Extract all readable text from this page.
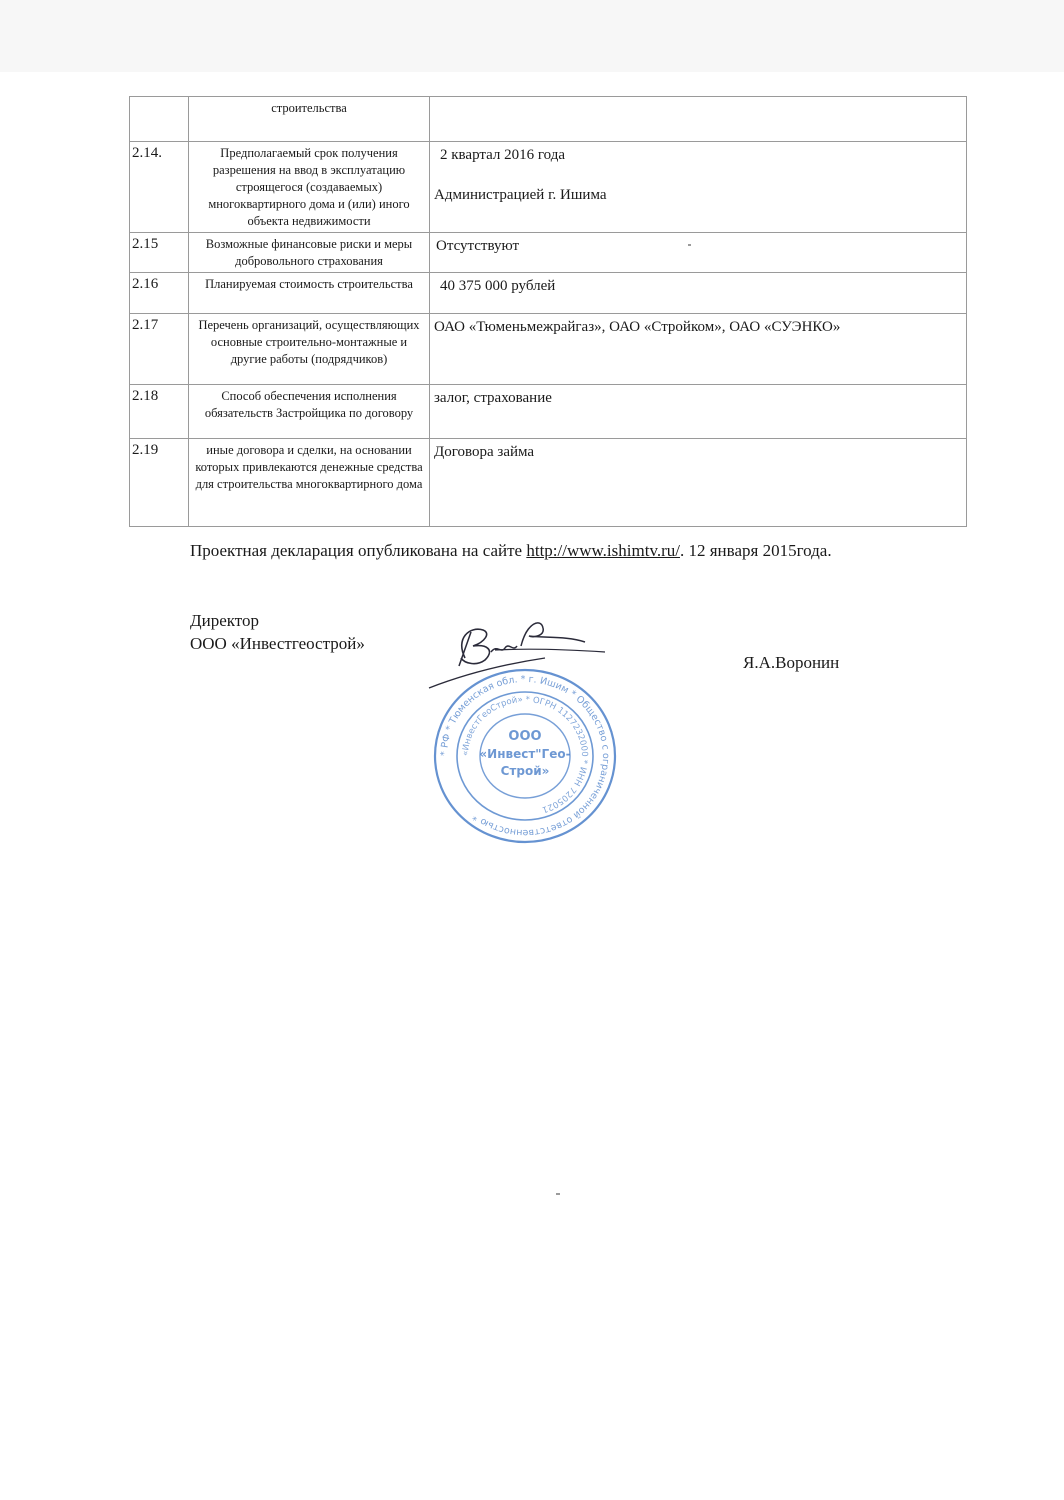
	строительства	
2.14.	Предполагаемый срок получения разрешения на ввод в эксплуатацию строящегося (создаваемых) многоквартирного дома и (или) иного объекта недвижимости	2 квартал 2016 года
Администрацией г. Ишима

2.15	Возможные финансовые риски и меры добровольного страхования	Отсутствуют

2.16	Планируемая стоимость строительства	40 375 000 рублей

2.17	Перечень организаций, осуществляющих основные строительно-монтажные и другие работы (подрядчиков)	ОАО «Тюменьмежрайгаз», ОАО «Стройком», ОАО «СУЭНКО»

2.18	Способ обеспечения исполнения обязательств Застройщика по договору	залог, страхование

2.19	иные договора и сделки, на основании которых привлекаются денежные средства для строительства многоквартирного дома	Договора займа
Проектная декларация опубликована на сайте http://www.ishimtv.ru/. 12 января 2015года.
Директор
ООО «Инвестгеострой»
* РФ * Тюменская обл. * г. Ишим * Общество с ограниченной ответственностью *
«ИнвестГеоСтрой» * ОГРН 1127232000 * ИНН 7205021
ООО
«Инвест"Гео-
Строй»
Я.А.Воронин
